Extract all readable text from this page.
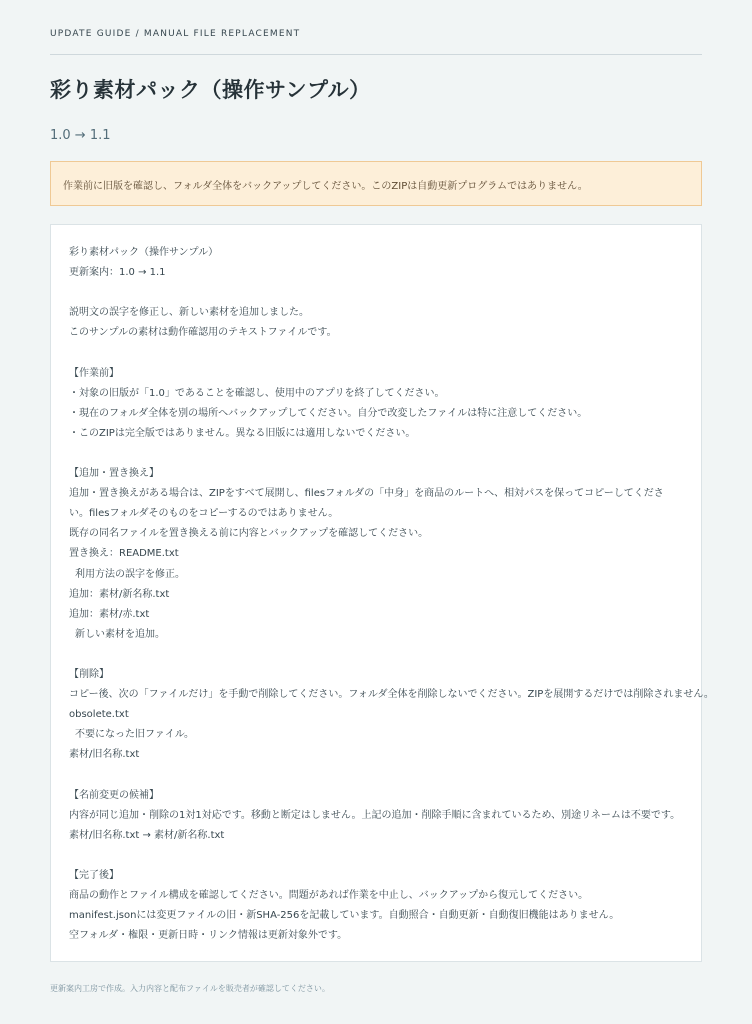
UPDATE GUIDE / MANUAL FILE REPLACEMENT
彩り素材パック（操作サンプル）
1.0 → 1.1
作業前に旧版を確認し、フォルダ全体をバックアップしてください。このZIPは自動更新プログラムではありません。
彩り素材パック（操作サンプル）
更新案内：1.0 → 1.1
説明文の誤字を修正し、新しい素材を追加しました。
このサンプルの素材は動作確認用のテキストファイルです。
【作業前】
・対象の旧版が「1.0」であることを確認し、使用中のアプリを終了してください。
・現在のフォルダ全体を別の場所へバックアップしてください。自分で改変したファイルは特に注意してください。
・このZIPは完全版ではありません。異なる旧版には適用しないでください。
【追加・置き換え】
追加・置き換えがある場合は、ZIPをすべて展開し、filesフォルダの「中身」を商品のルートへ、相対パスを保ってコピーしてください。filesフォルダそのものをコピーするのではありません。
既存の同名ファイルを置き換える前に内容とバックアップを確認してください。
置き換え：README.txt
利用方法の誤字を修正。
追加：素材/新名称.txt
追加：素材/赤.txt
新しい素材を追加。
【削除】
コピー後、次の「ファイルだけ」を手動で削除してください。フォルダ全体を削除しないでください。ZIPを展開するだけでは削除されません。
obsolete.txt
不要になった旧ファイル。
素材/旧名称.txt
【名前変更の候補】
内容が同じ追加・削除の1対1対応です。移動と断定はしません。上記の追加・削除手順に含まれているため、別途リネームは不要です。
素材/旧名称.txt → 素材/新名称.txt
【完了後】
商品の動作とファイル構成を確認してください。問題があれば作業を中止し、バックアップから復元してください。
manifest.jsonには変更ファイルの旧・新SHA-256を記載しています。自動照合・自動更新・自動復旧機能はありません。
空フォルダ・権限・更新日時・リンク情報は更新対象外です。
更新案内工房で作成。入力内容と配布ファイルを販売者が確認してください。
